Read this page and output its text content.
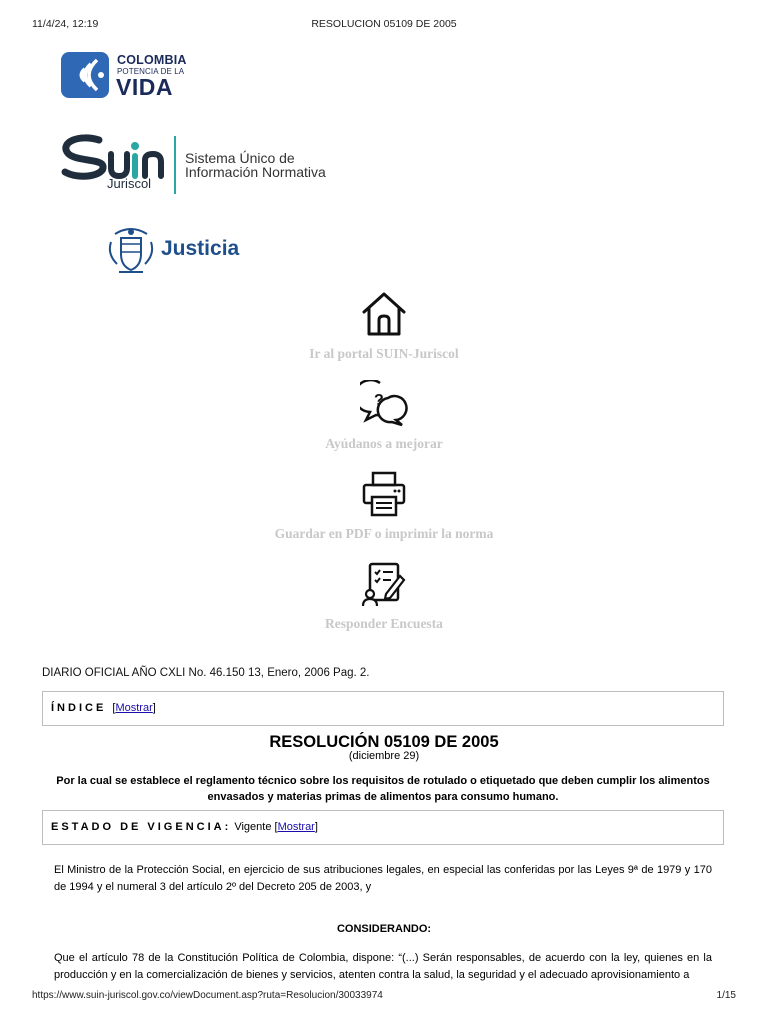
11/4/24, 12:19	RESOLUCION 05109 DE 2005
COLOMBIA
POTENCIA DE LA
VIDA
Juriscol
Sistema Único de
Información Normativa
Justicia
Ir al portal SUIN-Juriscol
?
Ayúdanos a mejorar
Guardar en PDF o imprimir la norma
Responder Encuesta
DIARIO OFICIAL AÑO CXLI No. 46.150 13, Enero, 2006 Pag. 2.
ÍNDICE  [Mostrar]
RESOLUCIÓN 05109 DE 2005
(diciembre 29)
Por la cual se establece el reglamento técnico sobre los requisitos de rotulado o etiquetado que deben cumplir los alimentos envasados y materias primas de alimentos para consumo humano.
ESTADO DE VIGENCIA: Vigente [Mostrar]
El Ministro de la Protección Social, en ejercicio de sus atribuciones legales, en especial las conferidas por las Leyes 9ª de 1979 y 170 de 1994 y el numeral 3 del artículo 2º del Decreto 205 de 2003, y
CONSIDERANDO:
Que el artículo 78 de la Constitución Política de Colombia, dispone: “(...) Serán responsables, de acuerdo con la ley, quienes en la producción y en la comercialización de bienes y servicios, atenten contra la salud, la seguridad y el adecuado aprovisionamiento a
https://www.suin-juriscol.gov.co/viewDocument.asp?ruta=Resolucion/30033974	1/15
